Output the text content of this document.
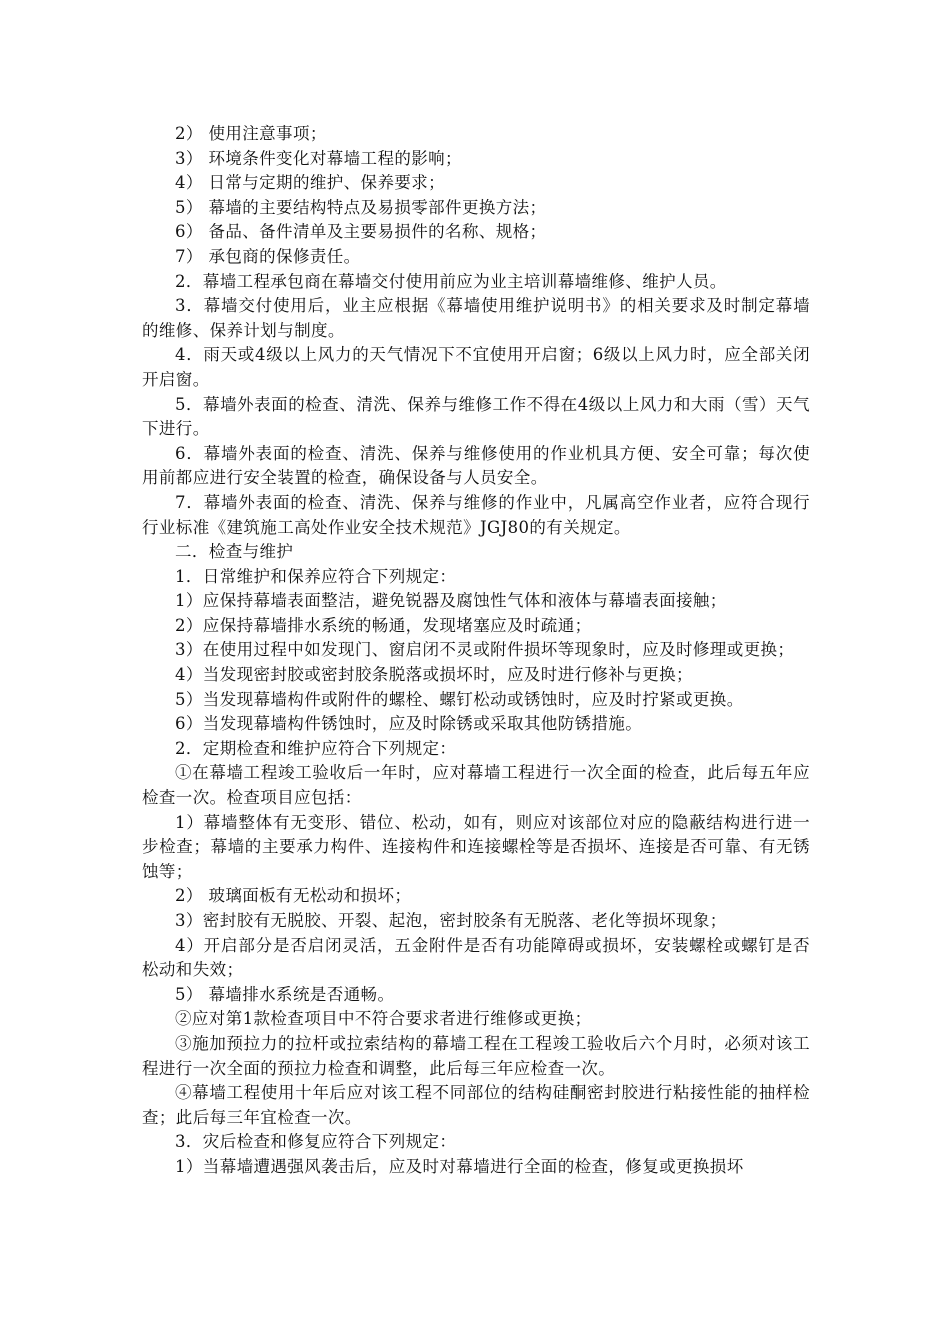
2） 使用注意事项；

3） 环境条件变化对幕墙工程的影响；

4） 日常与定期的维护、保养要求；

5） 幕墙的主要结构特点及易损零部件更换方法；

6） 备品、备件清单及主要易损件的名称、规格；

7） 承包商的保修责任。

2．幕墙工程承包商在幕墙交付使用前应为业主培训幕墙维修、维护人员。

3．幕墙交付使用后，业主应根据《幕墙使用维护说明书》的相关要求及时制定幕墙的维修、保养计划与制度。

4．雨天或4级以上风力的天气情况下不宜使用开启窗；6级以上风力时，应全部关闭开启窗。

5．幕墙外表面的检查、清洗、保养与维修工作不得在4级以上风力和大雨（雪）天气下进行。

6．幕墙外表面的检查、清洗、保养与维修使用的作业机具方便、安全可靠；每次使用前都应进行安全装置的检查，确保设备与人员安全。

7．幕墙外表面的检查、清洗、保养与维修的作业中，凡属高空作业者，应符合现行行业标准《建筑施工高处作业安全技术规范》JGJ80的有关规定。

二．检查与维护

1．日常维护和保养应符合下列规定：

1）应保持幕墙表面整洁，避免锐器及腐蚀性气体和液体与幕墙表面接触；

2）应保持幕墙排水系统的畅通，发现堵塞应及时疏通；

3）在使用过程中如发现门、窗启闭不灵或附件损坏等现象时，应及时修理或更换；

4）当发现密封胶或密封胶条脱落或损坏时，应及时进行修补与更换；

5）当发现幕墙构件或附件的螺栓、螺钉松动或锈蚀时，应及时拧紧或更换。

6）当发现幕墙构件锈蚀时，应及时除锈或采取其他防锈措施。

2．定期检查和维护应符合下列规定：

①在幕墙工程竣工验收后一年时，应对幕墙工程进行一次全面的检查，此后每五年应检查一次。检查项目应包括：

1）幕墙整体有无变形、错位、松动，如有，则应对该部位对应的隐蔽结构进行进一步检查；幕墙的主要承力构件、连接构件和连接螺栓等是否损坏、连接是否可靠、有无锈蚀等；

2） 玻璃面板有无松动和损坏；

3）密封胶有无脱胶、开裂、起泡，密封胶条有无脱落、老化等损坏现象；

4）开启部分是否启闭灵活，五金附件是否有功能障碍或损坏，安装螺栓或螺钉是否松动和失效；

5） 幕墙排水系统是否通畅。

②应对第1款检查项目中不符合要求者进行维修或更换；

③施加预拉力的拉杆或拉索结构的幕墙工程在工程竣工验收后六个月时，必须对该工程进行一次全面的预拉力检查和调整，此后每三年应检查一次。

④幕墙工程使用十年后应对该工程不同部位的结构硅酮密封胶进行粘接性能的抽样检查；此后每三年宜检查一次。

3．灾后检查和修复应符合下列规定：

1）当幕墙遭遇强风袭击后，应及时对幕墙进行全面的检查，修复或更换损坏
